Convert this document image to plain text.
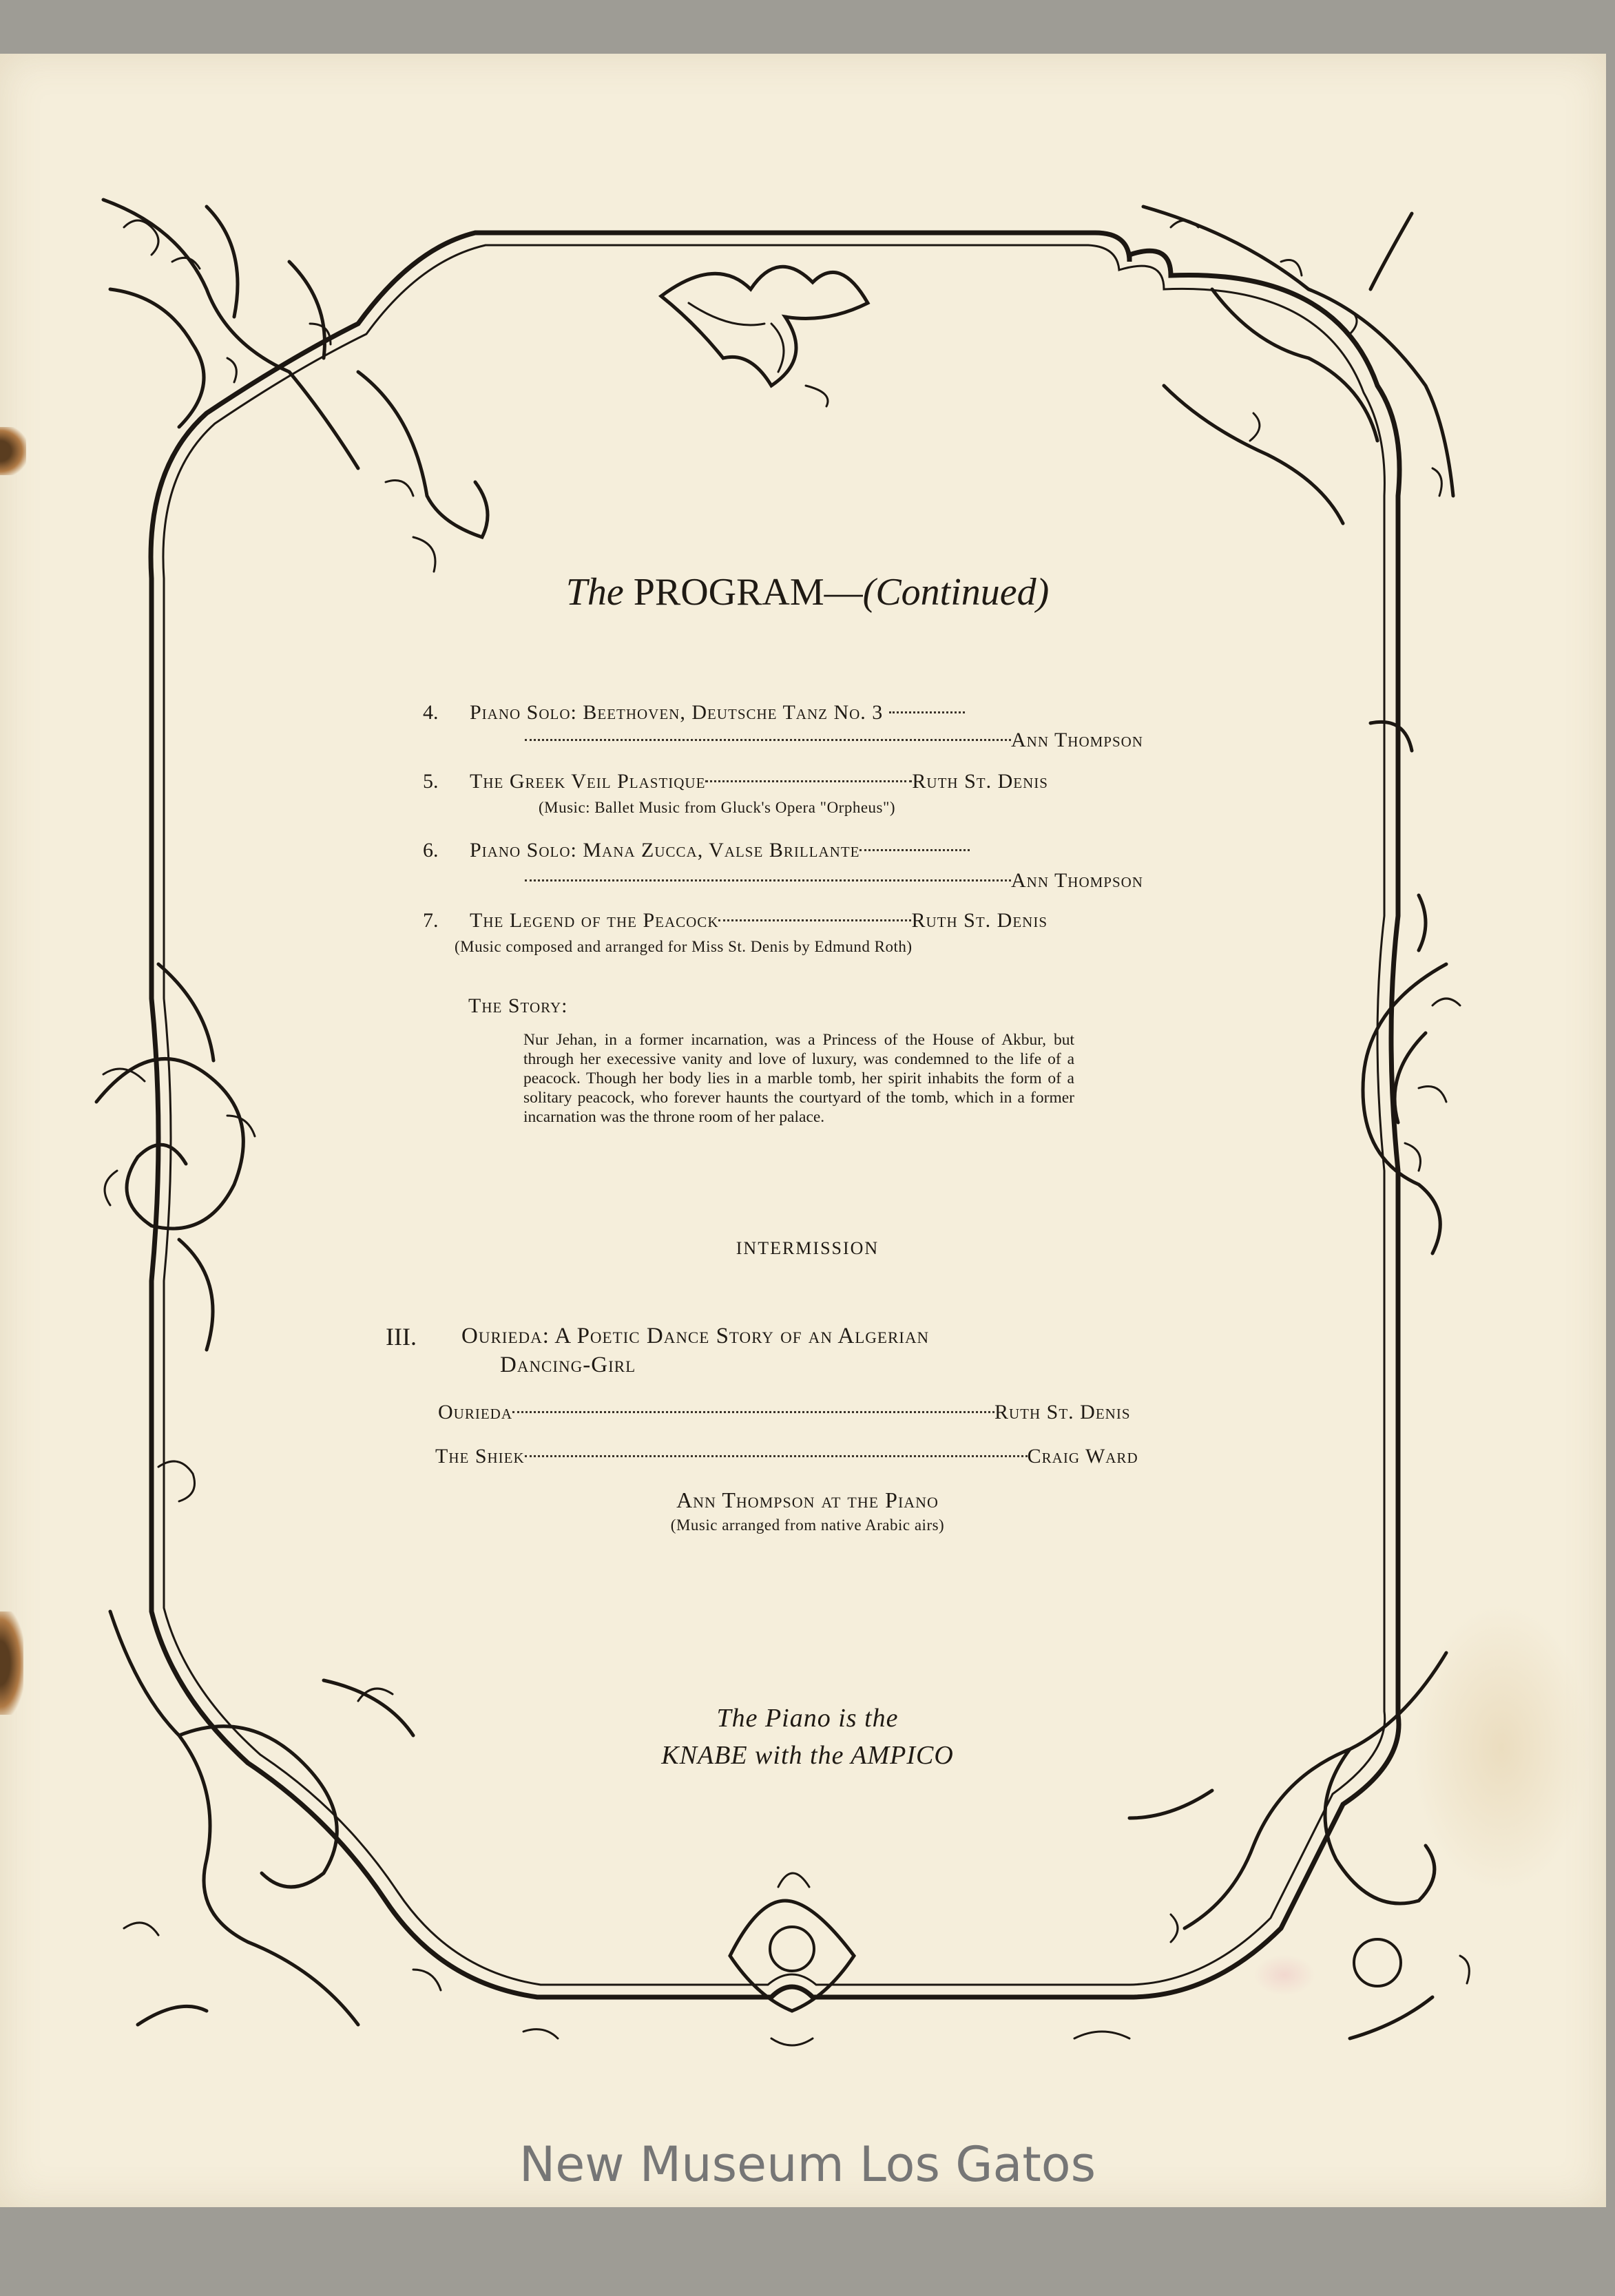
The PROGRAM—(Continued)
4. Piano Solo: Beethoven, Deutsche Tanz No. 3
Ann Thompson
5. The Greek Veil Plastique	Ruth St. Denis
(Music: Ballet Music from Gluck's Opera "Orpheus")
6. Piano Solo: Mana Zucca, Valse Brillante
Ann Thompson
7. The Legend of the Peacock	Ruth St. Denis
(Music composed and arranged for Miss St. Denis by Edmund Roth)
The Story:
Nur Jehan, in a former incarnation, was a Princess of the House of Akbur, but through her execessive vanity and love of luxury, was condemned to the life of a peacock. Though her body lies in a marble tomb, her spirit inhabits the form of a solitary peacock, who forever haunts the courtyard of the tomb, which in a former incarnation was the throne room of her palace.
INTERMISSION
III. Ourieda: A Poetic Dance Story of an Algerian
Dancing-Girl
Ourieda	Ruth St. Denis
The Shiek	Craig Ward
Ann Thompson at the Piano
(Music arranged from native Arabic airs)
The Piano is the
KNABE with the AMPICO
New Museum Los Gatos
